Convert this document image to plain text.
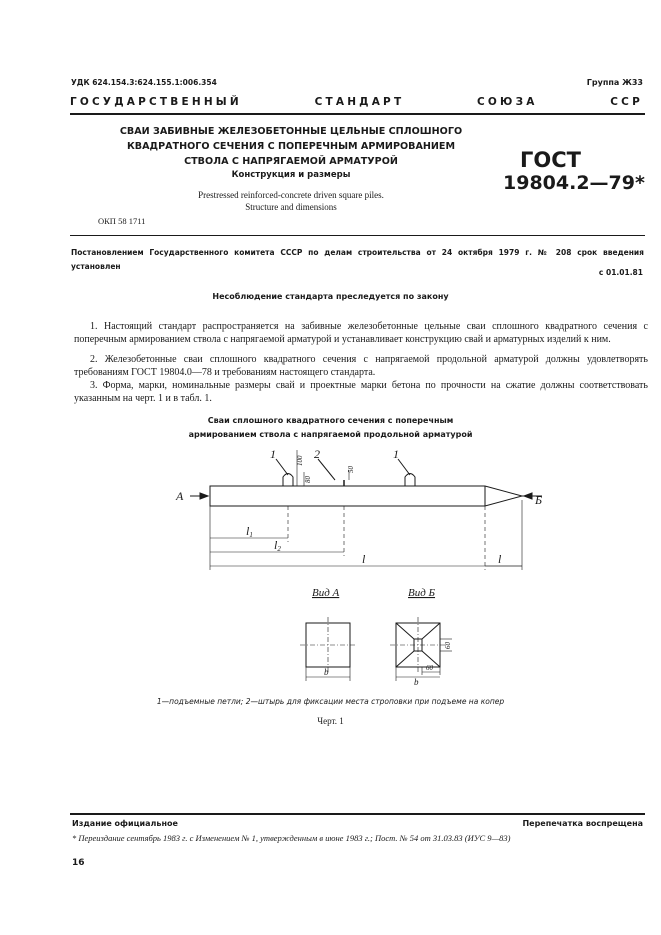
УДК 624.154.3:624.155.1:006.354	Группа Ж33
ГОСУДАРСТВЕННЫЙ	СТАНДАРТ	СОЮЗА	ССР
СВАИ ЗАБИВНЫЕ ЖЕЛЕЗОБЕТОННЫЕ ЦЕЛЬНЫЕ СПЛОШНОГО
КВАДРАТНОГО СЕЧЕНИЯ С ПОПЕРЕЧНЫМ АРМИРОВАНИЕМ
СТВОЛА С НАПРЯГАЕМОЙ АРМАТУРОЙ
Конструкция и размеры
Prestressed reinforced-concrete driven square piles.
Structure and dimensions
ГОСТ
19804.2—79*
ОКП 58 1711
Постановлением Государственного комитета СССР по делам строительства от 24 октября 1979 г. № 208 срок введения установлен
с 01.01.81
Несоблюдение стандарта преследуется по закону
1. Настоящий стандарт распространяется на забивные железобетонные цельные сваи сплошного квадратного сечения с поперечным армированием ствола с напрягаемой арматурой и устанавливает конструкцию свай и арматурных изделий к ним.
2. Железобетонные сваи сплошного квадратного сечения с напрягаемой продольной арматурой должны удовлетворять требованиям ГОСТ 19804.0—78 и требованиям настоящего стандарта.
3. Форма, марки, номинальные размеры свай и проектные марки бетона по прочности на сжатие должны соответствовать указанным на черт. 1 и в табл. 1.
Сваи сплошного квадратного сечения с поперечным
армированием ствола с напрягаемой продольной арматурой
А	Б
1	2	1
100
80
50
l1
l2
l	l
Вид А	Вид Б
b
b
60
60
1—подъемные петли; 2—штырь для фиксации места строповки при подъеме на копер
Черт. 1
Издание официальное	Перепечатка воспрещена
* Переиздание сентябрь 1983 г. с Изменением № 1, утвержденным в июне 1983 г.; Пост. № 54 от 31.03.83 (ИУС 9—83)
16
